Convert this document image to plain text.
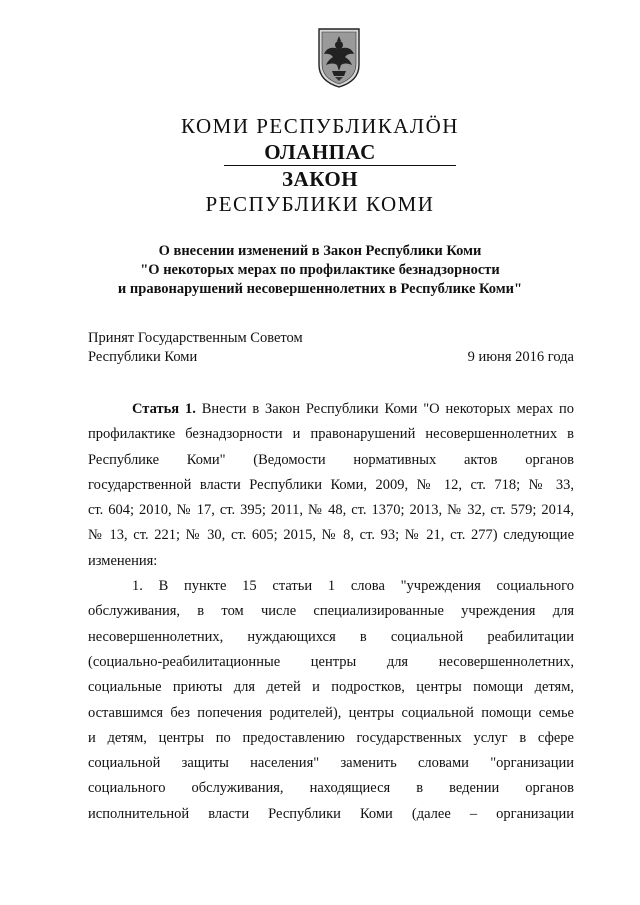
КОМИ РЕСПУБЛИКАЛÖН
ОЛАНПАС
ЗАКОН
РЕСПУБЛИКИ КОМИ
О внесении изменений в Закон Республики Коми
"О некоторых мерах по профилактике безнадзорности
и правонарушений несовершеннолетних в Республике Коми"
Принят Государственным Советом
Республики Коми	9 июня 2016 года
Статья 1. Внести в Закон Республики Коми "О некоторых мерах по
профилактике безнадзорности и правонарушений несовершеннолетних в
Республике Коми" (Ведомости нормативных актов органов
государственной власти Республики Коми, 2009, № 12, ст. 718; № 33,
ст. 604; 2010, № 17, ст. 395; 2011, № 48, ст. 1370; 2013, № 32, ст. 579; 2014,
№ 13, ст. 221; № 30, ст. 605; 2015, № 8, ст. 93; № 21, ст. 277) следующие
изменения:
1. В пункте 15 статьи 1 слова "учреждения социального
обслуживания, в том числе специализированные учреждения для
несовершеннолетних, нуждающихся в социальной реабилитации
(социально-реабилитационные центры для несовершеннолетних,
социальные приюты для детей и подростков, центры помощи детям,
оставшимся без попечения родителей), центры социальной помощи семье
и детям, центры по предоставлению государственных услуг в сфере
социальной защиты населения" заменить словами "организации
социального обслуживания, находящиеся в ведении органов
исполнительной власти Республики Коми (далее – организации
